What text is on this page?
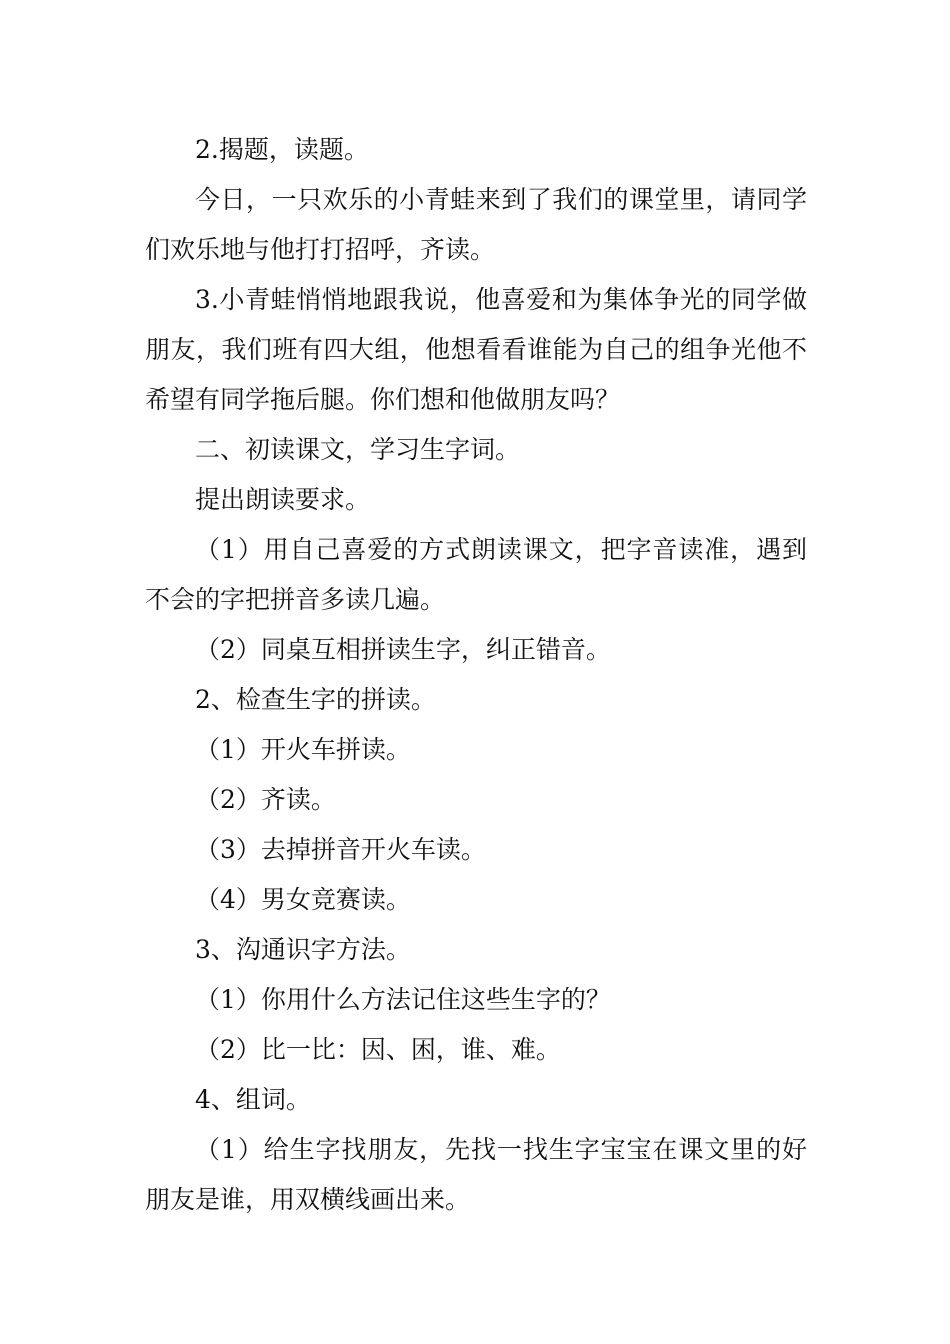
2.揭题，读题。

今日，一只欢乐的小青蛙来到了我们的课堂里，请同学们欢乐地与他打打招呼，齐读。

3.小青蛙悄悄地跟我说，他喜爱和为集体争光的同学做朋友，我们班有四大组，他想看看谁能为自己的组争光他不希望有同学拖后腿。你们想和他做朋友吗？

二、初读课文，学习生字词。

提出朗读要求。

（1）用自己喜爱的方式朗读课文，把字音读准，遇到不会的字把拼音多读几遍。

（2）同桌互相拼读生字，纠正错音。

2、检查生字的拼读。

（1）开火车拼读。

（2）齐读。

（3）去掉拼音开火车读。

（4）男女竞赛读。

3、沟通识字方法。

（1）你用什么方法记住这些生字的？

（2）比一比：因、困，谁、难。

4、组词。

（1）给生字找朋友，先找一找生字宝宝在课文里的好朋友是谁，用双横线画出来。
